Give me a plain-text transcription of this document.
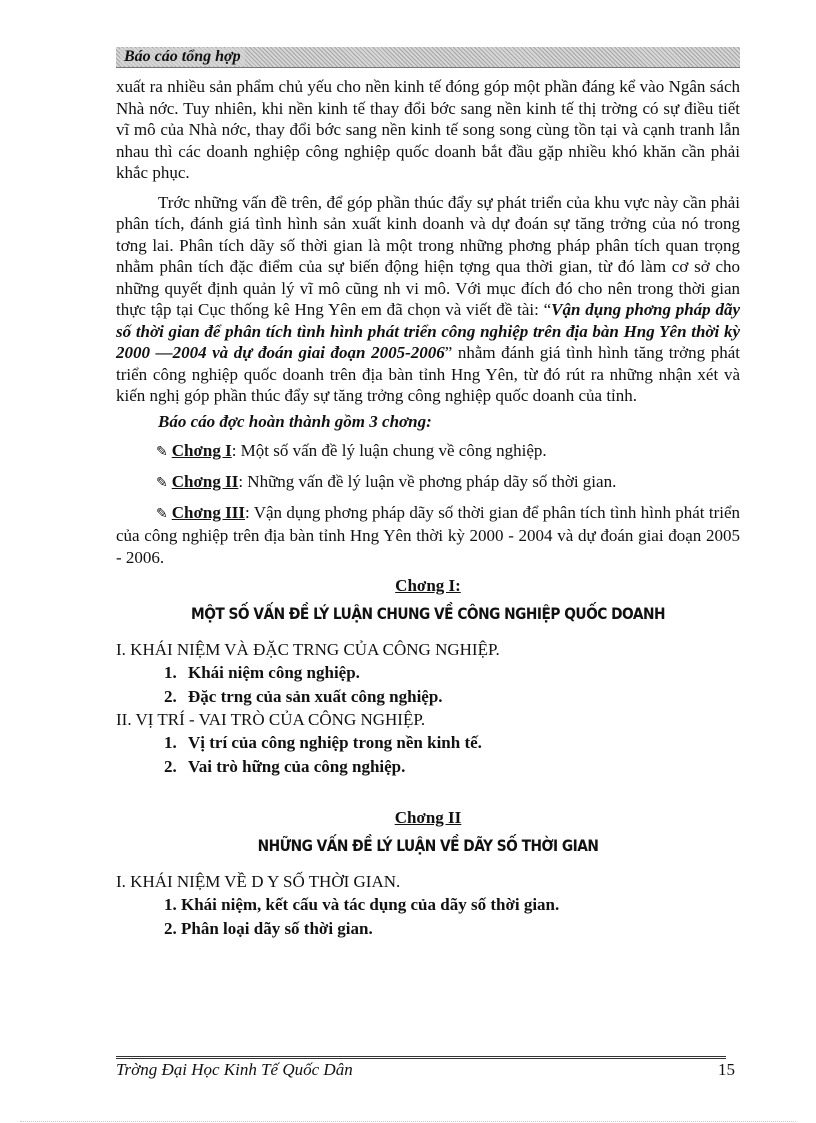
Báo cáo tổng hợp

xuất ra nhiều sản phẩm chủ yếu cho nền kinh tế đóng góp một phần đáng kể vào Ngân sách Nhà nớc. Tuy nhiên, khi nền kinh tế thay đổi bớc sang nền kinh tế thị trờng có sự điều tiết vĩ mô của Nhà nớc, thay đổi bớc sang nền kinh tế song song cùng tồn tại và cạnh tranh lẫn nhau thì các doanh nghiệp công nghiệp quốc doanh bắt đầu gặp nhiều khó khăn cần phải khắc phục.

Trớc những vấn đề trên, để góp phần thúc đẩy sự phát triển của khu vực này cần phải phân tích, đánh giá tình hình sản xuất kinh doanh và dự đoán sự tăng trởng của nó trong tơng lai. Phân tích dãy số thời gian là một trong những phơng pháp phân tích quan trọng nhằm phân tích đặc điểm của sự biến động hiện tợng qua thời gian, từ đó làm cơ sở cho những quyết định quản lý vĩ mô cũng nh vi mô. Với mục đích đó cho nên trong thời gian thực tập tại Cục thống kê Hng Yên em đã chọn và viết đề tài: “Vận dụng phơng pháp dãy số thời gian để phân tích tình hình phát triển công nghiệp trên địa bàn Hng Yên thời kỳ 2000 —2004 và dự đoán giai đoạn 2005-2006” nhằm đánh giá tình hình tăng trởng phát triển công nghiệp quốc doanh trên địa bàn tỉnh Hng Yên, từ đó rút ra những nhận xét và kiến nghị góp phần thúc đẩy sự tăng trởng công nghiệp quốc doanh của tỉnh.

Báo cáo đợc hoàn thành gồm 3 chơng:

✎ Chơng I: Một số vấn đề lý luận chung về công nghiệp.

✎ Chơng II: Những vấn đề lý luận về phơng pháp dãy số thời gian.

✎ Chơng III: Vận dụng phơng pháp dãy số thời gian để phân tích tình hình phát triển của công nghiệp trên địa bàn tỉnh Hng Yên thời kỳ 2000 - 2004 và dự đoán giai đoạn 2005 - 2006.

Chơng I:
MỘT SỐ VẤN ĐỀ LÝ LUẬN CHUNG VỀ CÔNG NGHIỆP QUỐC DOANH

I. KHÁI NIỆM VÀ ĐẶC TRNG CỦA CÔNG NGHIỆP.

1. Khái niệm công nghiệp.
2. Đặc trng của sản xuất công nghiệp.

II. VỊ TRÍ - VAI TRÒ CỦA CÔNG NGHIỆP.

1. Vị trí của công nghiệp trong nền kinh tế.
2. Vai trò hững của công nghiệp.
Chơng II
NHỮNG VẤN ĐỀ LÝ LUẬN VỀ DÃY SỐ THỜI GIAN

I. KHÁI NIỆM VỀ D Y SỐ THỜI GIAN.

1. Khái niệm, kết cấu và tác dụng của dãy số thời gian.
2. Phân loại dãy số thời gian.
Trờng Đại Học Kinh Tế Quốc Dân	15
